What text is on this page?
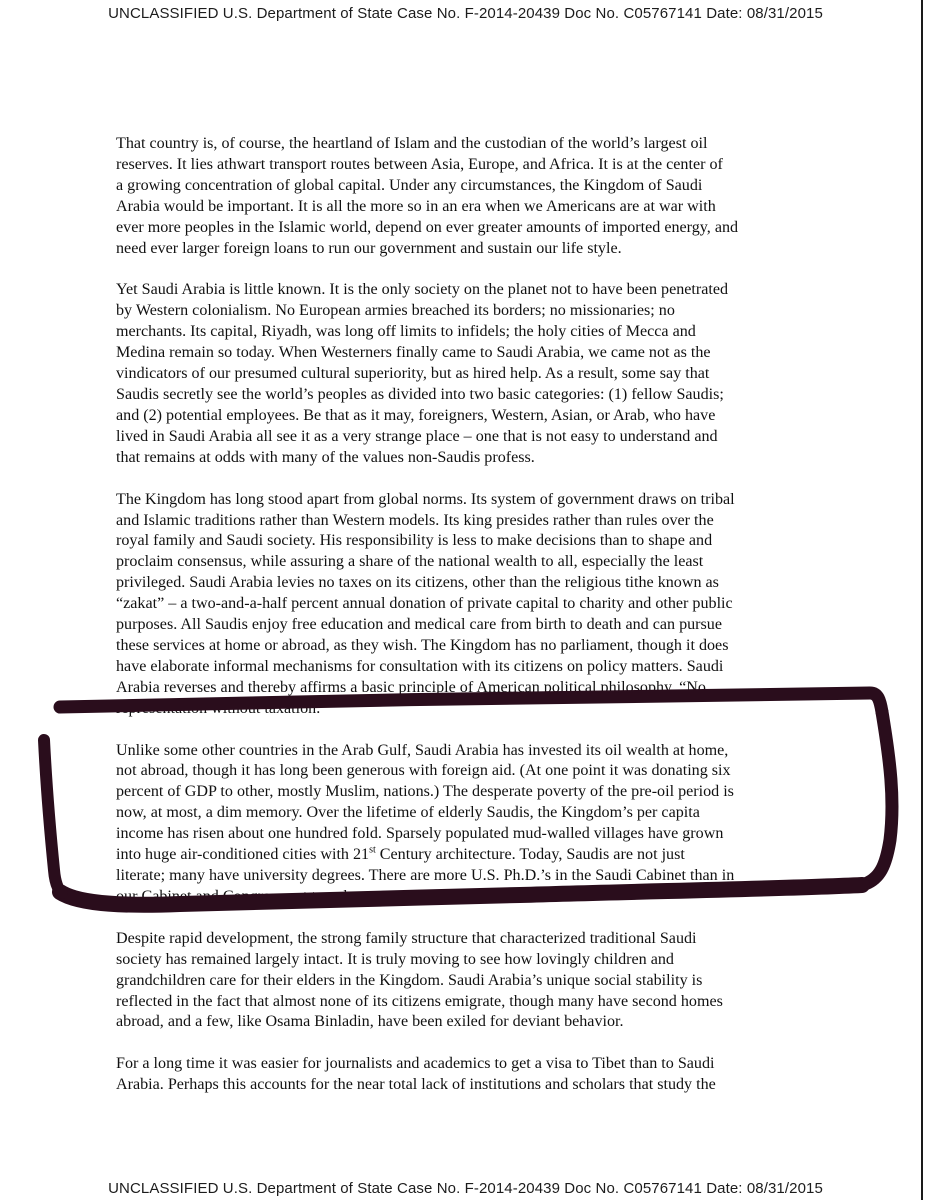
UNCLASSIFIED U.S. Department of State Case No. F-2014-20439 Doc No. C05767141 Date: 08/31/2015

That country is, of course, the heartland of Islam and the custodian of the world’s largest oil
reserves. It lies athwart transport routes between Asia, Europe, and Africa. It is at the center of
a growing concentration of global capital. Under any circumstances, the Kingdom of Saudi
Arabia would be important. It is all the more so in an era when we Americans are at war with
ever more peoples in the Islamic world, depend on ever greater amounts of imported energy, and
need ever larger foreign loans to run our government and sustain our life style.

Yet Saudi Arabia is little known. It is the only society on the planet not to have been penetrated
by Western colonialism. No European armies breached its borders; no missionaries; no
merchants. Its capital, Riyadh, was long off limits to infidels; the holy cities of Mecca and
Medina remain so today. When Westerners finally came to Saudi Arabia, we came not as the
vindicators of our presumed cultural superiority, but as hired help. As a result, some say that
Saudis secretly see the world’s peoples as divided into two basic categories: (1) fellow Saudis;
and (2) potential employees. Be that as it may, foreigners, Western, Asian, or Arab, who have
lived in Saudi Arabia all see it as a very strange place – one that is not easy to understand and
that remains at odds with many of the values non-Saudis profess.

The Kingdom has long stood apart from global norms. Its system of government draws on tribal
and Islamic traditions rather than Western models. Its king presides rather than rules over the
royal family and Saudi society. His responsibility is less to make decisions than to shape and
proclaim consensus, while assuring a share of the national wealth to all, especially the least
privileged. Saudi Arabia levies no taxes on its citizens, other than the religious tithe known as
“zakat” – a two-and-a-half percent annual donation of private capital to charity and other public
purposes. All Saudis enjoy free education and medical care from birth to death and can pursue
these services at home or abroad, as they wish. The Kingdom has no parliament, though it does
have elaborate informal mechanisms for consultation with its citizens on policy matters. Saudi
Arabia reverses and thereby affirms a basic principle of American political philosophy. “No
representation without taxation.”

Unlike some other countries in the Arab Gulf, Saudi Arabia has invested its oil wealth at home,
not abroad, though it has long been generous with foreign aid. (At one point it was donating six
percent of GDP to other, mostly Muslim, nations.) The desperate poverty of the pre-oil period is
now, at most, a dim memory. Over the lifetime of elderly Saudis, the Kingdom’s per capita
income has risen about one hundred fold. Sparsely populated mud-walled villages have grown
into huge air-conditioned cities with 21st Century architecture. Today, Saudis are not just
literate; many have university degrees. There are more U.S. Ph.D.’s in the Saudi Cabinet than in
our Cabinet and Congress put together.

Despite rapid development, the strong family structure that characterized traditional Saudi
society has remained largely intact. It is truly moving to see how lovingly children and
grandchildren care for their elders in the Kingdom. Saudi Arabia’s unique social stability is
reflected in the fact that almost none of its citizens emigrate, though many have second homes
abroad, and a few, like Osama Binladin, have been exiled for deviant behavior.

For a long time it was easier for journalists and academics to get a visa to Tibet than to Saudi
Arabia. Perhaps this accounts for the near total lack of institutions and scholars that study the

UNCLASSIFIED U.S. Department of State Case No. F-2014-20439 Doc No. C05767141 Date: 08/31/2015
